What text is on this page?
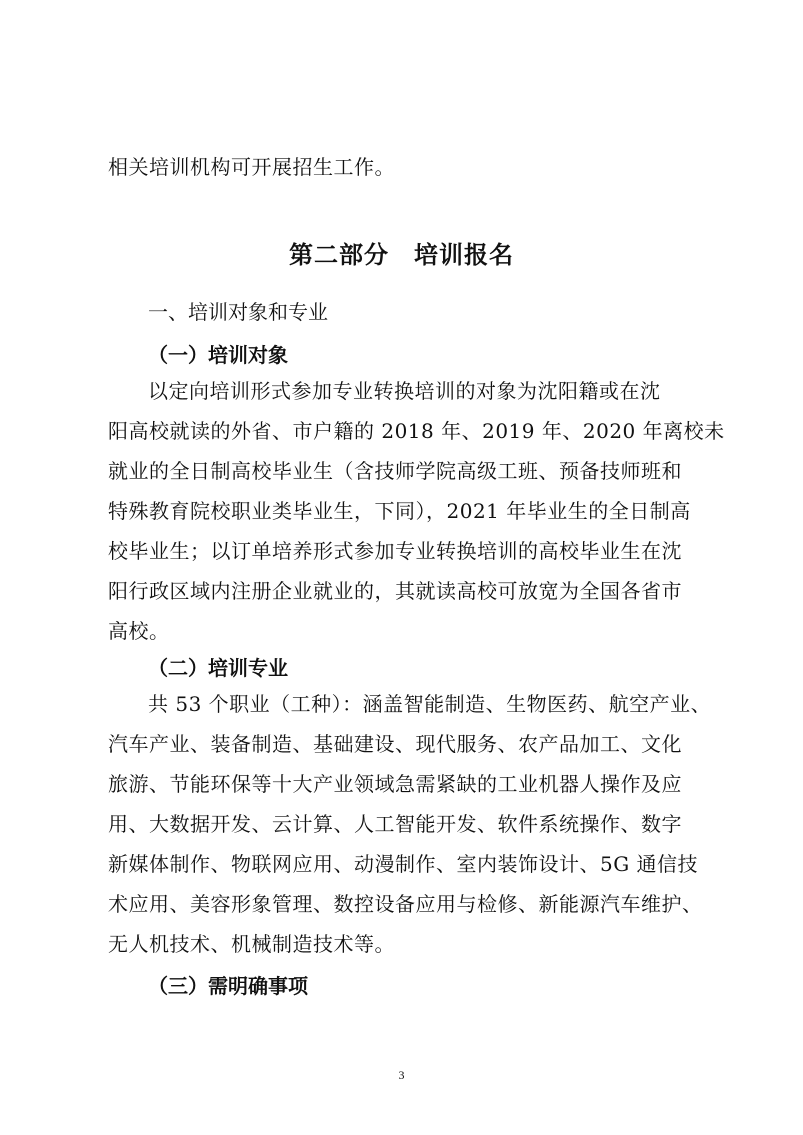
相关培训机构可开展招生工作。
第二部分　培训报名
一、培训对象和专业
（一）培训对象
以定向培训形式参加专业转换培训的对象为沈阳籍或在沈
阳高校就读的外省、市户籍的 2018 年、2019 年、2020 年离校未
就业的全日制高校毕业生（含技师学院高级工班、预备技师班和
特殊教育院校职业类毕业生，下同），2021 年毕业生的全日制高
校毕业生；以订单培养形式参加专业转换培训的高校毕业生在沈
阳行政区域内注册企业就业的，其就读高校可放宽为全国各省市
高校。
（二）培训专业
共 53 个职业（工种）：涵盖智能制造、生物医药、航空产业、
汽车产业、装备制造、基础建设、现代服务、农产品加工、文化
旅游、节能环保等十大产业领域急需紧缺的工业机器人操作及应
用、大数据开发、云计算、人工智能开发、软件系统操作、数字
新媒体制作、物联网应用、动漫制作、室内装饰设计、5G 通信技
术应用、美容形象管理、数控设备应用与检修、新能源汽车维护、
无人机技术、机械制造技术等。
（三）需明确事项
3
